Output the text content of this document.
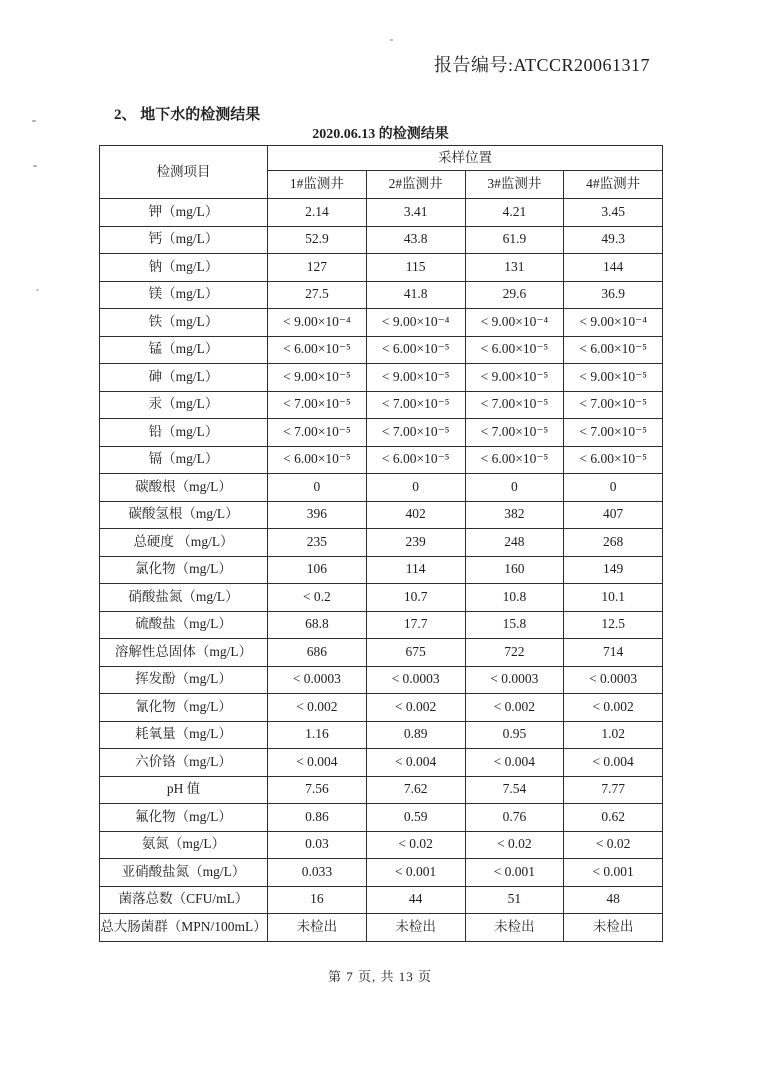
报告编号:ATCCR20061317
2、 地下水的检测结果
2020.06.13 的检测结果
检测项目	采样位置			
	1#监测井	2#监测井	3#监测井	4#监测井
钾（mg/L）	2.14	3.41	4.21	3.45
钙（mg/L）	52.9	43.8	61.9	49.3
钠（mg/L）	127	115	131	144
镁（mg/L）	27.5	41.8	29.6	36.9
铁（mg/L）	< 9.00×10⁻⁴	< 9.00×10⁻⁴	< 9.00×10⁻⁴	< 9.00×10⁻⁴
锰（mg/L）	< 6.00×10⁻⁵	< 6.00×10⁻⁵	< 6.00×10⁻⁵	< 6.00×10⁻⁵
砷（mg/L）	< 9.00×10⁻⁵	< 9.00×10⁻⁵	< 9.00×10⁻⁵	< 9.00×10⁻⁵
汞（mg/L）	< 7.00×10⁻⁵	< 7.00×10⁻⁵	< 7.00×10⁻⁵	< 7.00×10⁻⁵
铅（mg/L）	< 7.00×10⁻⁵	< 7.00×10⁻⁵	< 7.00×10⁻⁵	< 7.00×10⁻⁵
镉（mg/L）	< 6.00×10⁻⁵	< 6.00×10⁻⁵	< 6.00×10⁻⁵	< 6.00×10⁻⁵
碳酸根（mg/L）	0	0	0	0
碳酸氢根（mg/L）	396	402	382	407
总硬度 （mg/L）	235	239	248	268
氯化物（mg/L）	106	114	160	149
硝酸盐氮（mg/L）	< 0.2	10.7	10.8	10.1
硫酸盐（mg/L）	68.8	17.7	15.8	12.5
溶解性总固体（mg/L）	686	675	722	714
挥发酚（mg/L）	< 0.0003	< 0.0003	< 0.0003	< 0.0003
氰化物（mg/L）	< 0.002	< 0.002	< 0.002	< 0.002
耗氧量（mg/L）	1.16	0.89	0.95	1.02
六价铬（mg/L）	< 0.004	< 0.004	< 0.004	< 0.004
pH 值	7.56	7.62	7.54	7.77
氟化物（mg/L）	0.86	0.59	0.76	0.62
氨氮（mg/L）	0.03	< 0.02	< 0.02	< 0.02
亚硝酸盐氮（mg/L）	0.033	< 0.001	< 0.001	< 0.001
菌落总数（CFU/mL）	16	44	51	48
总大肠菌群（MPN/100mL）	未检出	未检出	未检出	未检出
第 7 页, 共 13 页
